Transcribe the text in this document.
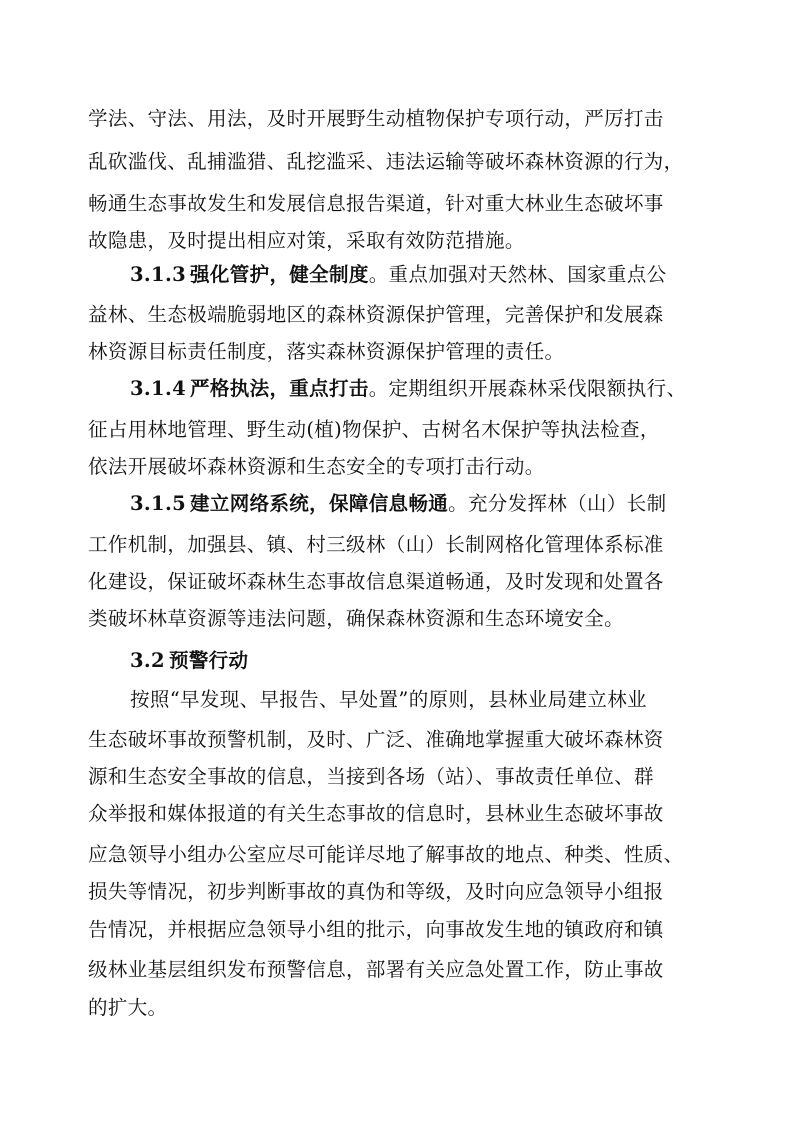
学法、守法、用法，及时开展野生动植物保护专项行动，严厉打击
乱砍滥伐、乱捕滥猎、乱挖滥采、违法运输等破坏森林资源的行为，
畅通生态事故发生和发展信息报告渠道，针对重大林业生态破坏事
故隐患，及时提出相应对策，采取有效防范措施。
3.1.3 强化管护，健全制度。重点加强对天然林、国家重点公
益林、生态极端脆弱地区的森林资源保护管理，完善保护和发展森
林资源目标责任制度，落实森林资源保护管理的责任。
3.1.4 严格执法，重点打击。定期组织开展森林采伐限额执行、
征占用林地管理、野生动(植)物保护、古树名木保护等执法检查，
依法开展破坏森林资源和生态安全的专项打击行动。
3.1.5 建立网络系统，保障信息畅通。充分发挥林（山）长制
工作机制，加强县、镇、村三级林（山）长制网格化管理体系标准
化建设，保证破坏森林生态事故信息渠道畅通，及时发现和处置各
类破坏林草资源等违法问题，确保森林资源和生态环境安全。
3.2 预警行动
按照“早发现、早报告、早处置”的原则，县林业局建立林业
生态破坏事故预警机制，及时、广泛、准确地掌握重大破坏森林资
源和生态安全事故的信息，当接到各场（站）、事故责任单位、群
众举报和媒体报道的有关生态事故的信息时，县林业生态破坏事故
应急领导小组办公室应尽可能详尽地了解事故的地点、种类、性质、
损失等情况，初步判断事故的真伪和等级，及时向应急领导小组报
告情况，并根据应急领导小组的批示，向事故发生地的镇政府和镇
级林业基层组织发布预警信息，部署有关应急处置工作，防止事故
的扩大。
